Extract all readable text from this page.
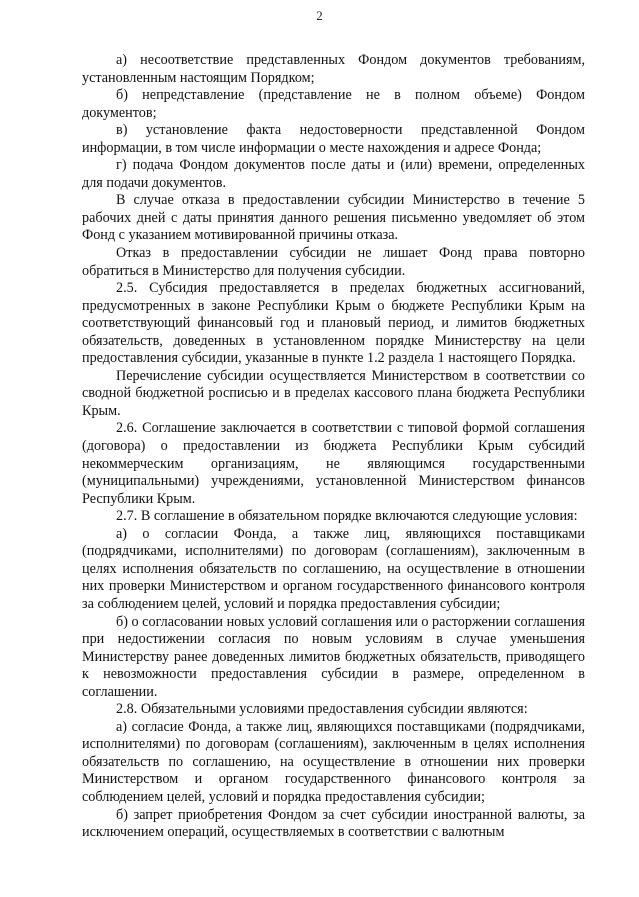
2

а) несоответствие представленных Фондом документов требованиям, установленным настоящим Порядком;

б) непредставление (представление не в полном объеме) Фондом документов;

в) установление факта недостоверности представленной Фондом информации, в том числе информации о месте нахождения и адресе Фонда;

г) подача Фондом документов после даты и (или) времени, определенных для подачи документов.

В случае отказа в предоставлении субсидии Министерство в течение 5 рабочих дней с даты принятия данного решения письменно уведомляет об этом Фонд с указанием мотивированной причины отказа.

Отказ в предоставлении субсидии не лишает Фонд права повторно обратиться в Министерство для получения субсидии.

2.5. Субсидия предоставляется в пределах бюджетных ассигнований, предусмотренных в законе Республики Крым о бюджете Республики Крым на соответствующий финансовый год и плановый период, и лимитов бюджетных обязательств, доведенных в установленном порядке Министерству на цели предоставления субсидии, указанные в пункте 1.2 раздела 1 настоящего Порядка.

Перечисление субсидии осуществляется Министерством в соответствии со сводной бюджетной росписью и в пределах кассового плана бюджета Республики Крым.

2.6. Соглашение заключается в соответствии с типовой формой соглашения (договора) о предоставлении из бюджета Республики Крым субсидий некоммерческим организациям, не являющимся государственными (муниципальными) учреждениями, установленной Министерством финансов Республики Крым.

2.7. В соглашение в обязательном порядке включаются следующие условия:

а) о согласии Фонда, а также лиц, являющихся поставщиками (подрядчиками, исполнителями) по договорам (соглашениям), заключенным в целях исполнения обязательств по соглашению, на осуществление в отношении них проверки Министерством и органом государственного финансового контроля за соблюдением целей, условий и порядка предоставления субсидии;

б) о согласовании новых условий соглашения или о расторжении соглашения при недостижении согласия по новым условиям в случае уменьшения Министерству ранее доведенных лимитов бюджетных обязательств, приводящего к невозможности предоставления субсидии в размере, определенном в соглашении.

2.8. Обязательными условиями предоставления субсидии являются:

а) согласие Фонда, а также лиц, являющихся поставщиками (подрядчиками, исполнителями) по договорам (соглашениям), заключенным в целях исполнения обязательств по соглашению, на осуществление в отношении них проверки Министерством и органом государственного финансового контроля за соблюдением целей, условий и порядка предоставления субсидии;

б) запрет приобретения Фондом за счет субсидии иностранной валюты, за исключением операций, осуществляемых в соответствии с валютным
